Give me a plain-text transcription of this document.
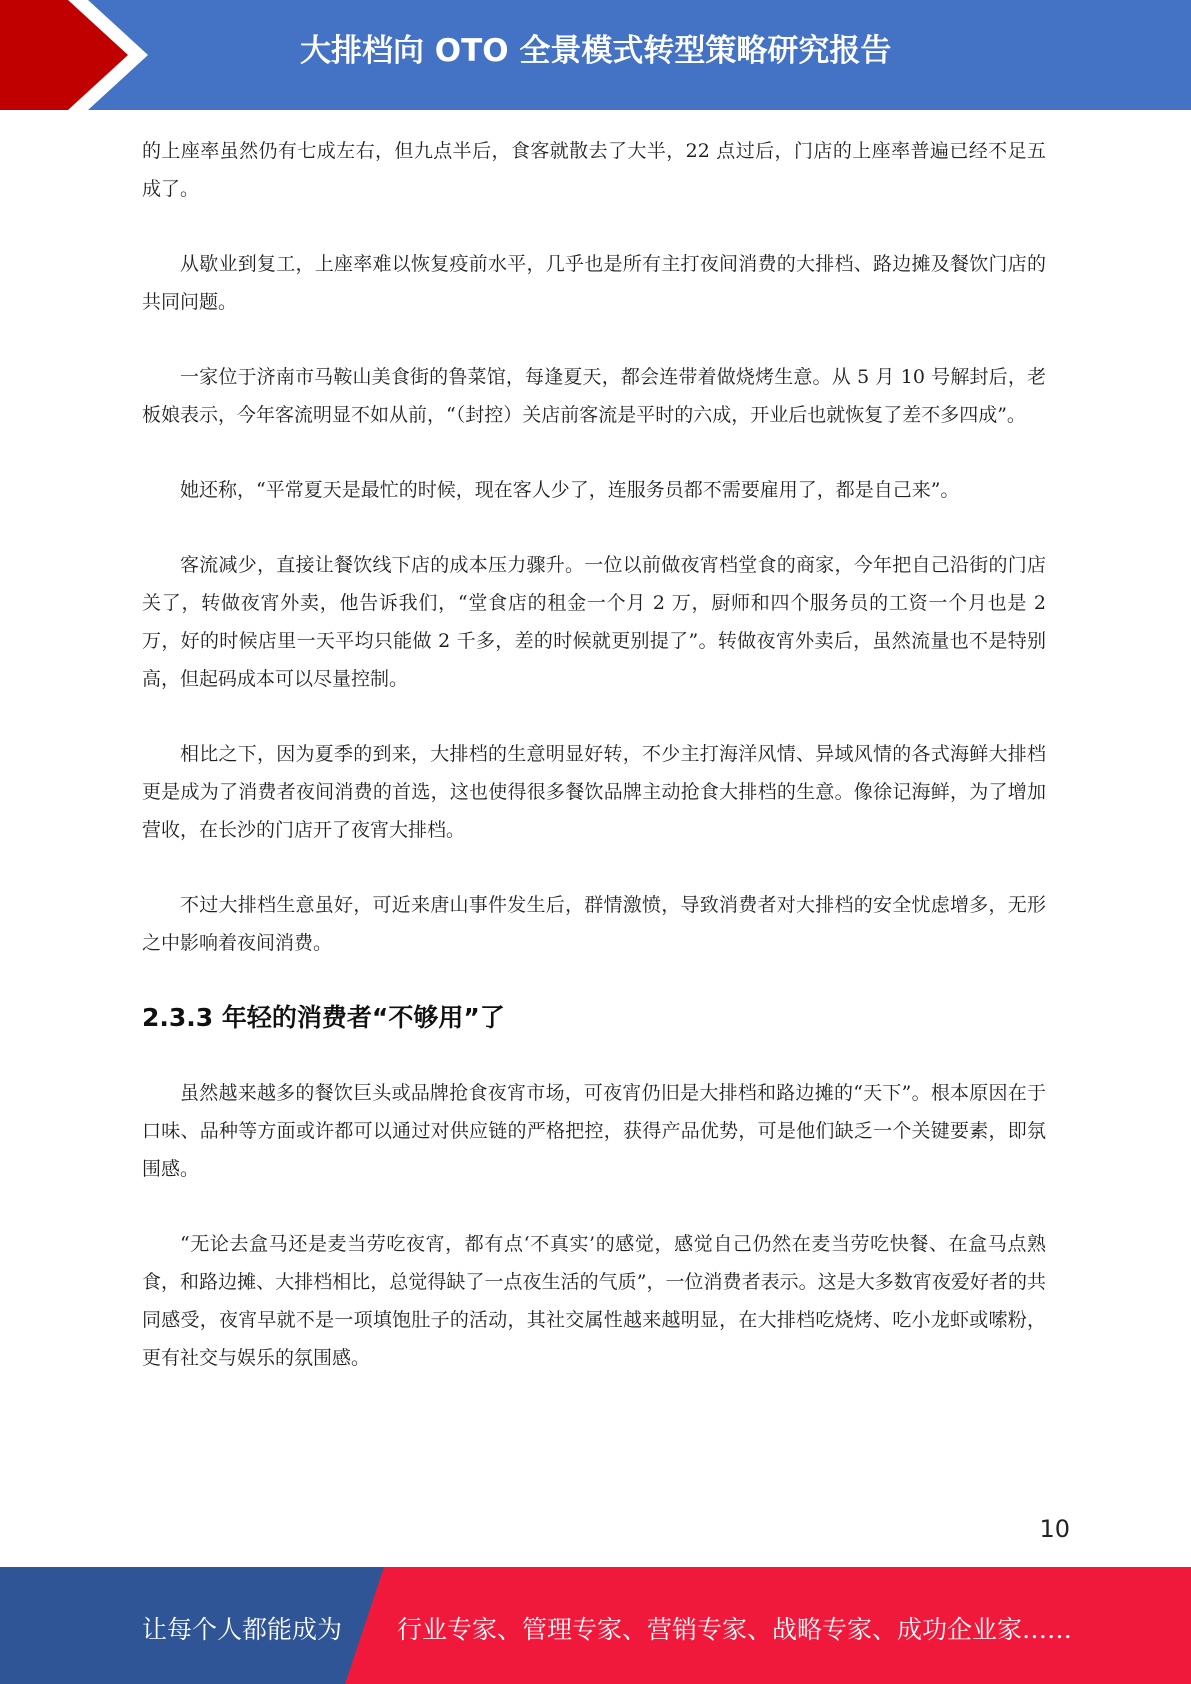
大排档向 OTO 全景模式转型策略研究报告

的上座率虽然仍有七成左右，但九点半后，食客就散去了大半，22 点过后，门店的上座率普遍已经不足五成了。

从歇业到复工，上座率难以恢复疫前水平，几乎也是所有主打夜间消费的大排档、路边摊及餐饮门店的共同问题。

一家位于济南市马鞍山美食街的鲁菜馆，每逢夏天，都会连带着做烧烤生意。从 5 月 10 号解封后，老板娘表示，今年客流明显不如从前，“（封控）关店前客流是平时的六成，开业后也就恢复了差不多四成”。

她还称，“平常夏天是最忙的时候，现在客人少了，连服务员都不需要雇用了，都是自己来”。

客流减少，直接让餐饮线下店的成本压力骤升。一位以前做夜宵档堂食的商家，今年把自己沿街的门店关了，转做夜宵外卖，他告诉我们，“堂食店的租金一个月 2 万，厨师和四个服务员的工资一个月也是 2 万，好的时候店里一天平均只能做 2 千多，差的时候就更别提了”。转做夜宵外卖后，虽然流量也不是特别高，但起码成本可以尽量控制。

相比之下，因为夏季的到来，大排档的生意明显好转，不少主打海洋风情、异域风情的各式海鲜大排档更是成为了消费者夜间消费的首选，这也使得很多餐饮品牌主动抢食大排档的生意。像徐记海鲜，为了增加营收，在长沙的门店开了夜宵大排档。

不过大排档生意虽好，可近来唐山事件发生后，群情激愤，导致消费者对大排档的安全忧虑增多，无形之中影响着夜间消费。

2.3.3 年轻的消费者“不够用”了

虽然越来越多的餐饮巨头或品牌抢食夜宵市场，可夜宵仍旧是大排档和路边摊的“天下”。根本原因在于口味、品种等方面或许都可以通过对供应链的严格把控，获得产品优势，可是他们缺乏一个关键要素，即氛围感。

“无论去盒马还是麦当劳吃夜宵，都有点‘不真实’的感觉，感觉自己仍然在麦当劳吃快餐、在盒马点熟食，和路边摊、大排档相比，总觉得缺了一点夜生活的气质”，一位消费者表示。这是大多数宵夜爱好者的共同感受，夜宵早就不是一项填饱肚子的活动，其社交属性越来越明显，在大排档吃烧烤、吃小龙虾或嗦粉，更有社交与娱乐的氛围感。

10
让每个人都能成为 行业专家、管理专家、营销专家、战略专家、成功企业家……
